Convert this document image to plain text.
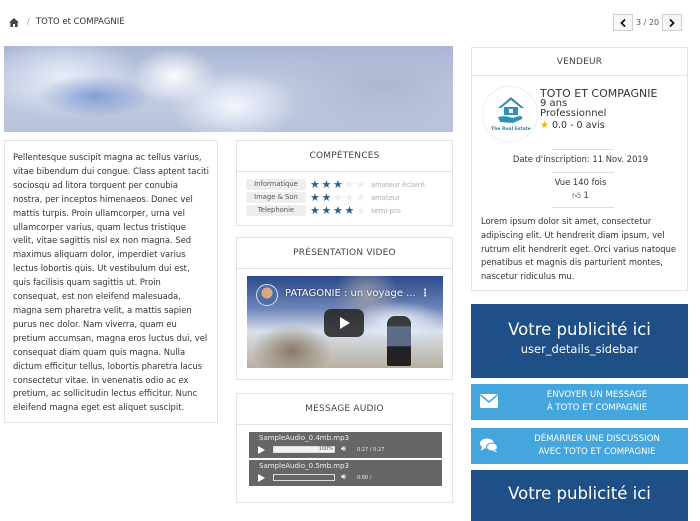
/ TOTO et COMPAGNIE	3 / 20

Pellentesque suscipit magna ac tellus varius, vitae bibendum dui congue. Class aptent taciti sociosqu ad litora torquent per conubia nostra, per inceptos himenaeos. Donec vel mattis turpis. Proin ullamcorper, urna vel ullamcorper varius, quam lectus tristique velit, vitae sagittis nisl ex non magna. Sed maximus aliquam dolor, imperdiet varius lectus lobortis quis. Ut vestibulum dui est, quis facilisis quam sagittis ut. Proin consequat, est non eleifend malesuada, magna sem pharetra velit, a mattis sapien purus nec dolor. Nam viverra, quam eu pretium accumsan, magna eros luctus dui, vel consequat diam quam quis magna. Nulla dictum efficitur tellus, lobortis pharetra lacus consectetur vitae. In venenatis odio ac ex pretium, ac sollicitudin lectus efficitur. Nunc eleifend magna eget est aliquet suscipit.

COMPÉTENCES
Informatique	★ ★ ★ ★ ★ amateur éclairé
Image & Son	★ ★ ★ ★ ★ amateur
Telephonie	★ ★ ★ ★ ★ semi-pro
PRÉSENTATION VIDEO
PATAGONIE : un voyage ... ⋮
MESSAGE AUDIO
SampleAudio_0.4mb.mp3
100% 🔊︎ 0:27 / 0:27
SampleAudio_0.5mb.mp3
🔊︎ 0:00 /
VENDEUR
The Real Estate
TOTO ET COMPAGNIE
9 ans
Professionnel
★ 0.0 - 0 avis
Date d'inscription: 11 Nov. 2019
Vue 140 fois
👍︎ 1
Lorem ipsum dolor sit amet, consectetur adipiscing elit. Ut hendrerit diam ipsum, vel rutrum elit hendrerit eget. Orci varius natoque penatibus et magnis dis parturient montes, nascetur ridiculus mu.
Votre publicité ici
user_details_sidebar
ENVOYER UN MESSAGE
À TOTO ET COMPAGNIE
DÉMARRER UNE DISCUSSION
AVEC TOTO ET COMPAGNIE
Votre publicité ici
